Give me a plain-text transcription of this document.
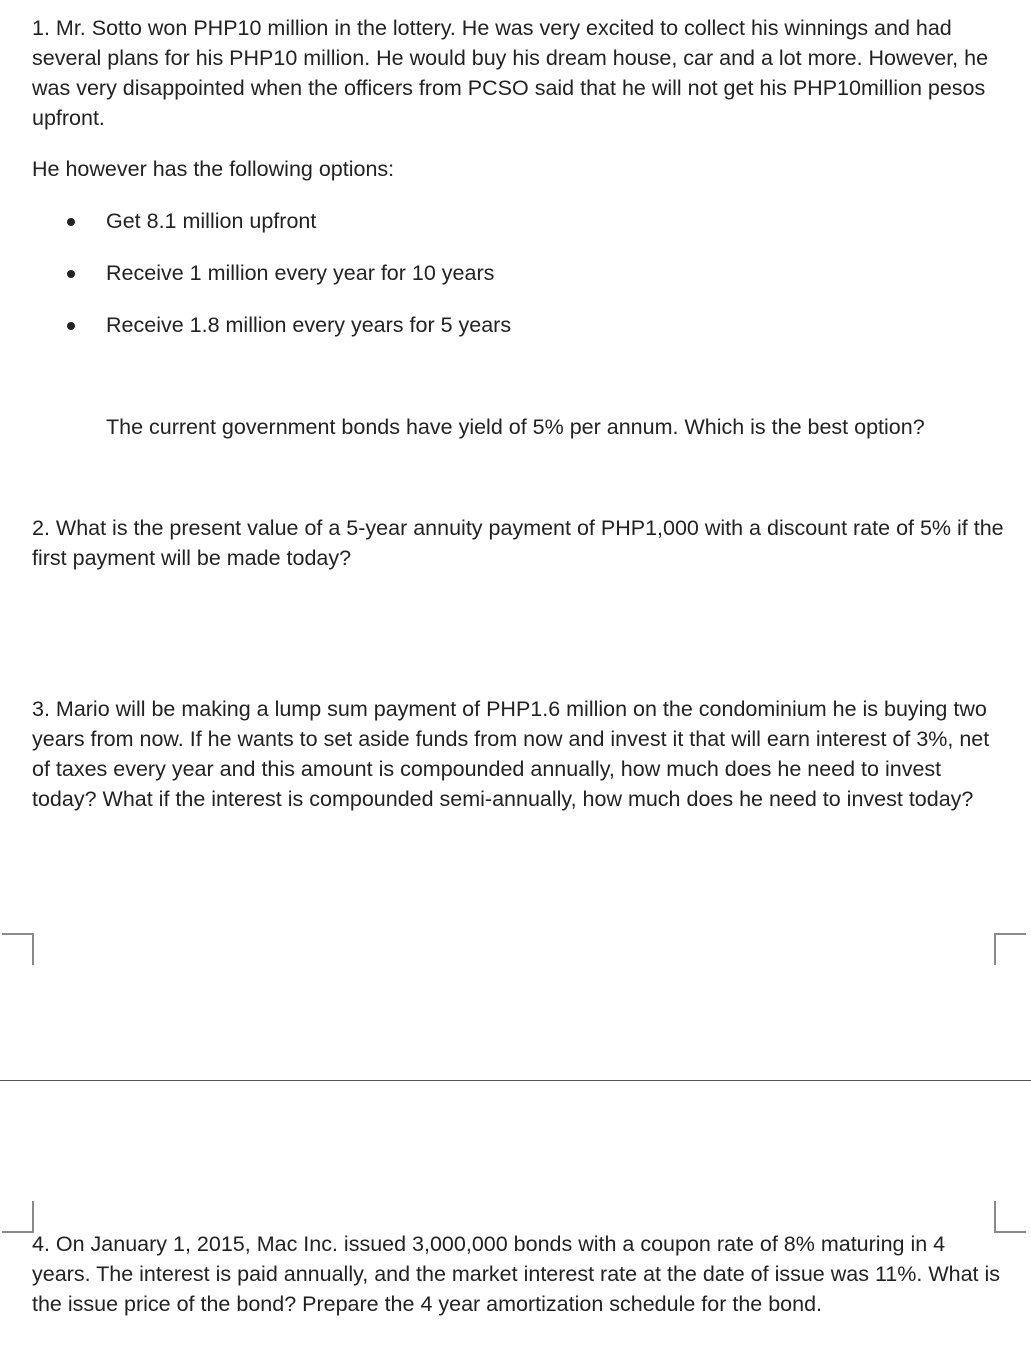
1. Mr. Sotto won PHP10 million in the lottery. He was very excited to collect his winnings and had several plans for his PHP10 million. He would buy his dream house, car and a lot more. However, he was very disappointed when the officers from PCSO said that he will not get his PHP10million pesos upfront.

He however has the following options:

Get 8.1 million upfront
Receive 1 million every year for 10 years
Receive 1.8 million every years for 5 years
The current government bonds have yield of 5% per annum. Which is the best option?

2. What is the present value of a 5-year annuity payment of PHP1,000 with a discount rate of 5% if the first payment will be made today?

3. Mario will be making a lump sum payment of PHP1.6 million on the condominium he is buying two years from now. If he wants to set aside funds from now and invest it that will earn interest of 3%, net of taxes every year and this amount is compounded annually, how much does he need to invest today? What if the interest is compounded semi-annually, how much does he need to invest today?

4. On January 1, 2015, Mac Inc. issued 3,000,000 bonds with a coupon rate of 8% maturing in 4 years. The interest is paid annually, and the market interest rate at the date of issue was 11%. What is the issue price of the bond? Prepare the 4 year amortization schedule for the bond.
